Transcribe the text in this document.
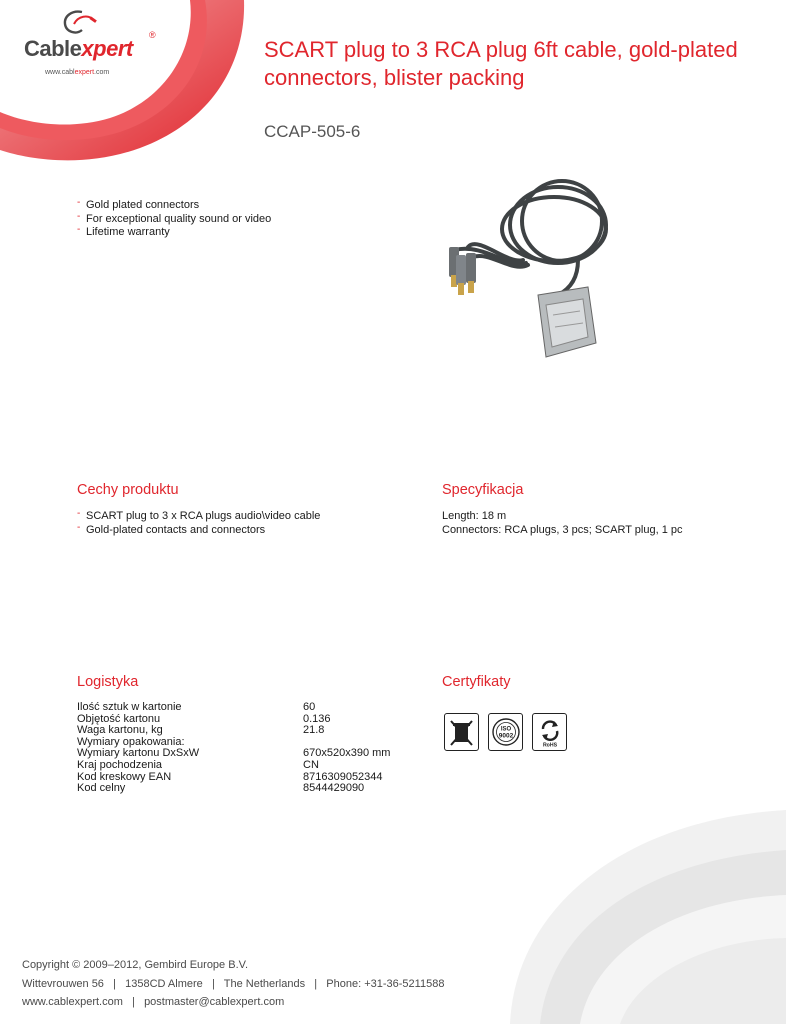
Cablexpert
®
www.cablexpert.com
SCART plug to 3 RCA plug 6ft cable, gold-plated connectors, blister packing
CCAP-505-6
- Gold plated connectors
- For exceptional quality sound or video
- Lifetime warranty
Cechy produktu
- SCART plug to 3 x RCA plugs audio\video cable
- Gold-plated contacts and connectors
Specyfikacja
Length: 18 m
Connectors: RCA plugs, 3 pcs; SCART plug, 1 pc
Logistyka
Ilość sztuk w kartonie	60
Objętość kartonu	0.136
Waga kartonu, kg	21.8
Wymiary opakowania:	
Wymiary kartonu DxSxW	670x520x390 mm
Kraj pochodzenia	CN
Kod kreskowy EAN	8716309052344
Kod celny	8544429090
Certyfikaty
ISO
9002
RoHS
Copyright © 2009–2012, Gembird Europe B.V.
Wittevrouwen 56   |   1358CD Almere   |   The Netherlands   |   Phone: +31-36-5211588
www.cablexpert.com   |   postmaster@cablexpert.com
